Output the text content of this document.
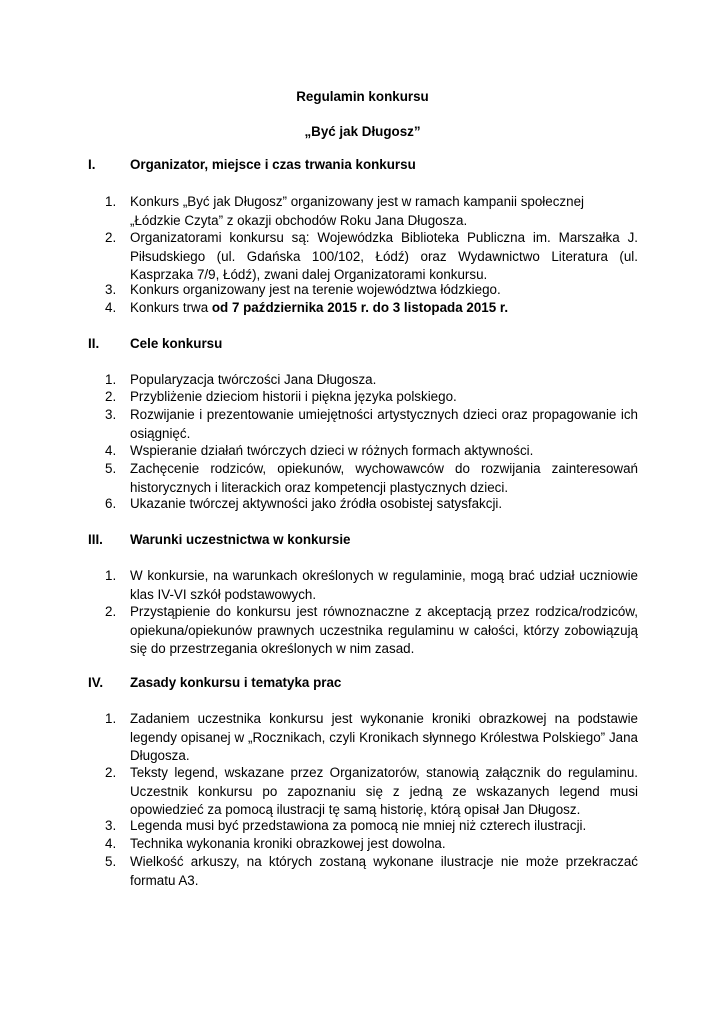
Regulamin konkursu
„Być jak Długosz”
I.	Organizator, miejsce i czas trwania konkursu
1. Konkurs „Być jak Długosz” organizowany jest w ramach kampanii społecznej „Łódzkie Czyta” z okazji obchodów Roku Jana Długosza.
2. Organizatorami konkursu są: Wojewódzka Biblioteka Publiczna im. Marszałka J. Piłsudskiego (ul. Gdańska 100/102, Łódź) oraz Wydawnictwo Literatura (ul. Kasprzaka 7/9, Łódź), zwani dalej Organizatorami konkursu.
3. Konkurs organizowany jest na terenie województwa łódzkiego.
4. Konkurs trwa od 7 października 2015 r. do 3 listopada 2015 r.
II. Cele konkursu
1. Popularyzacja twórczości Jana Długosza.
2. Przybliżenie dzieciom historii i piękna języka polskiego.
3. Rozwijanie i prezentowanie umiejętności artystycznych dzieci oraz propagowanie ich osiągnięć.
4. Wspieranie działań twórczych dzieci w różnych formach aktywności.
5. Zachęcenie rodziców, opiekunów, wychowawców do rozwijania zainteresowań historycznych i literackich oraz kompetencji plastycznych dzieci.
6. Ukazanie twórczej aktywności jako źródła osobistej satysfakcji.
III. Warunki uczestnictwa w konkursie
1. W konkursie, na warunkach określonych w regulaminie, mogą brać udział uczniowie klas IV-VI szkół podstawowych.
2. Przystąpienie do konkursu jest równoznaczne z akceptacją przez rodzica/rodziców, opiekuna/opiekunów prawnych uczestnika regulaminu w całości, którzy zobowiązują się do przestrzegania określonych w nim zasad.
IV. Zasady konkursu i tematyka prac
1. Zadaniem uczestnika konkursu jest wykonanie kroniki obrazkowej na podstawie legendy opisanej w „Rocznikach, czyli Kronikach słynnego Królestwa Polskiego” Jana Długosza.
2. Teksty legend, wskazane przez Organizatorów, stanowią załącznik do regulaminu. Uczestnik konkursu po zapoznaniu się z jedną ze wskazanych legend musi opowiedzieć za pomocą ilustracji tę samą historię, którą opisał Jan Długosz.
3. Legenda musi być przedstawiona za pomocą nie mniej niż czterech ilustracji.
4. Technika wykonania kroniki obrazkowej jest dowolna.
5. Wielkość arkuszy, na których zostaną wykonane ilustracje nie może przekraczać formatu A3.
